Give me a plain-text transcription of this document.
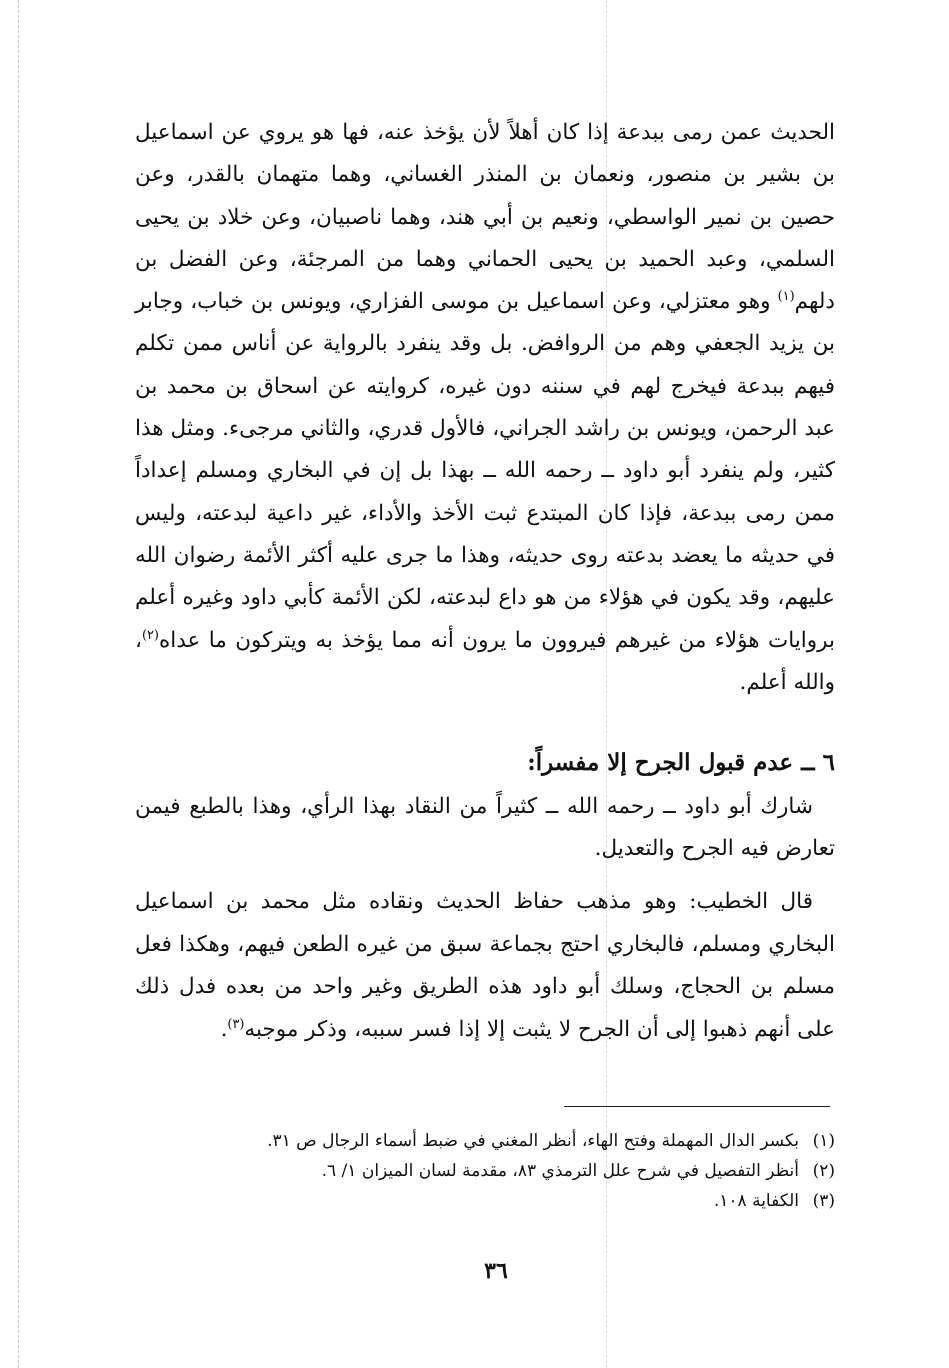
الحديث عمن رمى ببدعة إذا كان أهلاً لأن يؤخذ عنه، فها هو يروي عن اسماعيل بن بشير بن منصور، ونعمان بن المنذر الغساني، وهما متهمان بالقدر، وعن حصين بن نمير الواسطي، ونعيم بن أبي هند، وهما ناصبيان، وعن خلاد بن يحيى السلمي، وعبد الحميد بن يحيى الحماني وهما من المرجئة، وعن الفضل بن دلهم$^{(١)}$ وهو معتزلي، وعن اسماعيل بن موسى الفزاري، ويونس بن خباب، وجابر بن يزيد الجعفي وهم من الروافض. بل وقد ينفرد بالرواية عن أناس ممن تكلم فيهم ببدعة فيخرج لهم في سننه دون غيره، كروايته عن اسحاق بن محمد بن عبد الرحمن، ويونس بن راشد الجراني، فالأول قدري، والثاني مرجىء. ومثل هذا كثير، ولم ينفرد أبو داود ــ رحمه الله ــ بهذا بل إن في البخاري ومسلم إعداداً ممن رمى ببدعة، فإذا كان المبتدع ثبت الأخذ والأداء، غير داعية لبدعته، وليس في حديثه ما يعضد بدعته روى حديثه، وهذا ما جرى عليه أكثر الأئمة رضوان الله عليهم، وقد يكون في هؤلاء من هو داع لبدعته، لكن الأئمة كأبي داود وغيره أعلم بروايات هؤلاء من غيرهم فيروون ما يرون أنه مما يؤخذ به ويتركون ما عداه$^{(٢)}$، والله أعلم.
٦ ــ عدم قبول الجرح إلا مفسراً:
شارك أبو داود ــ رحمه الله ــ كثيراً من النقاد بهذا الرأي، وهذا بالطبع فيمن تعارض فيه الجرح والتعديل.
قال الخطيب: وهو مذهب حفاظ الحديث ونقاده مثل محمد بن اسماعيل البخاري ومسلم، فالبخاري احتج بجماعة سبق من غيره الطعن فيهم، وهكذا فعل مسلم بن الحجاج، وسلك أبو داود هذه الطريق وغير واحد من بعده فدل ذلك على أنهم ذهبوا إلى أن الجرح لا يثبت إلا إذا فسر سببه، وذكر موجبه$^{(٣)}$.
(١)
بكسر الدال المهملة وفتح الهاء، أنظر المغني في ضبط أسماء الرجال ص ٣١.
(٢)
أنظر التفصيل في شرح علل الترمذي ٨٣، مقدمة لسان الميزان ١/ ٦.
(٣)
الكفاية ١٠٨.
٣٦
